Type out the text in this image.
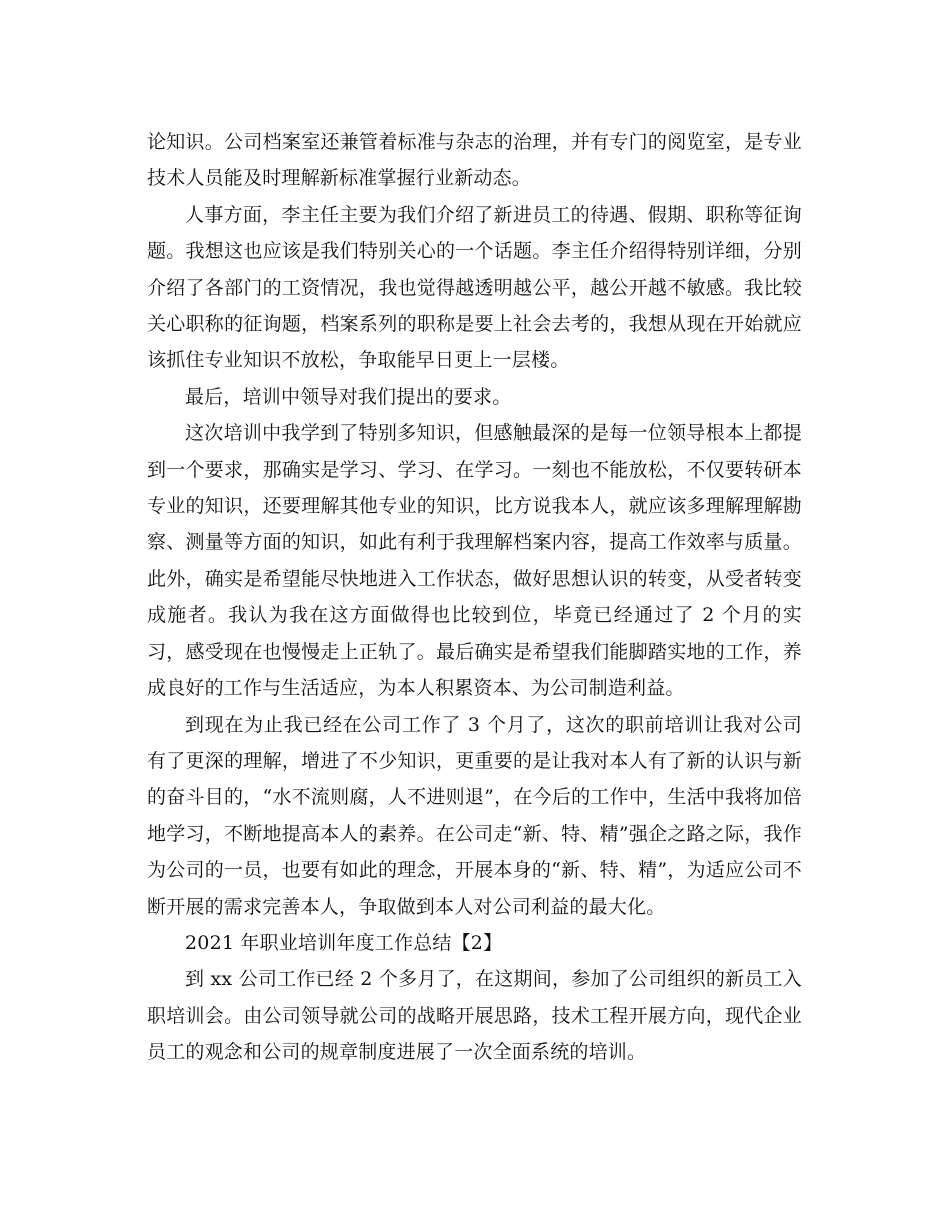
论知识。公司档案室还兼管着标准与杂志的治理，并有专门的阅览室，是专业技术人员能及时理解新标准掌握行业新动态。

人事方面，李主任主要为我们介绍了新进员工的待遇、假期、职称等征询题。我想这也应该是我们特别关心的一个话题。李主任介绍得特别详细，分别介绍了各部门的工资情况，我也觉得越透明越公平，越公开越不敏感。我比较关心职称的征询题，档案系列的职称是要上社会去考的，我想从现在开始就应该抓住专业知识不放松，争取能早日更上一层楼。

最后，培训中领导对我们提出的要求。

这次培训中我学到了特别多知识，但感触最深的是每一位领导根本上都提到一个要求，那确实是学习、学习、在学习。一刻也不能放松，不仅要转研本专业的知识，还要理解其他专业的知识，比方说我本人，就应该多理解理解勘察、测量等方面的知识，如此有利于我理解档案内容，提高工作效率与质量。此外，确实是希望能尽快地进入工作状态，做好思想认识的转变，从受者转变成施者。我认为我在这方面做得也比较到位，毕竟已经通过了 2 个月的实习，感受现在也慢慢走上正轨了。最后确实是希望我们能脚踏实地的工作，养成良好的工作与生活适应，为本人积累资本、为公司制造利益。

到现在为止我已经在公司工作了 3 个月了，这次的职前培训让我对公司有了更深的理解，增进了不少知识，更重要的是让我对本人有了新的认识与新的奋斗目的，“水不流则腐，人不进则退”，在今后的工作中，生活中我将加倍地学习，不断地提高本人的素养。在公司走“新、特、精”强企之路之际，我作为公司的一员，也要有如此的理念，开展本身的“新、特、精”，为适应公司不断开展的需求完善本人，争取做到本人对公司利益的最大化。

2021 年职业培训年度工作总结【2】

到 xx 公司工作已经 2 个多月了，在这期间，参加了公司组织的新员工入职培训会。由公司领导就公司的战略开展思路，技术工程开展方向，现代企业员工的观念和公司的规章制度进展了一次全面系统的培训。
